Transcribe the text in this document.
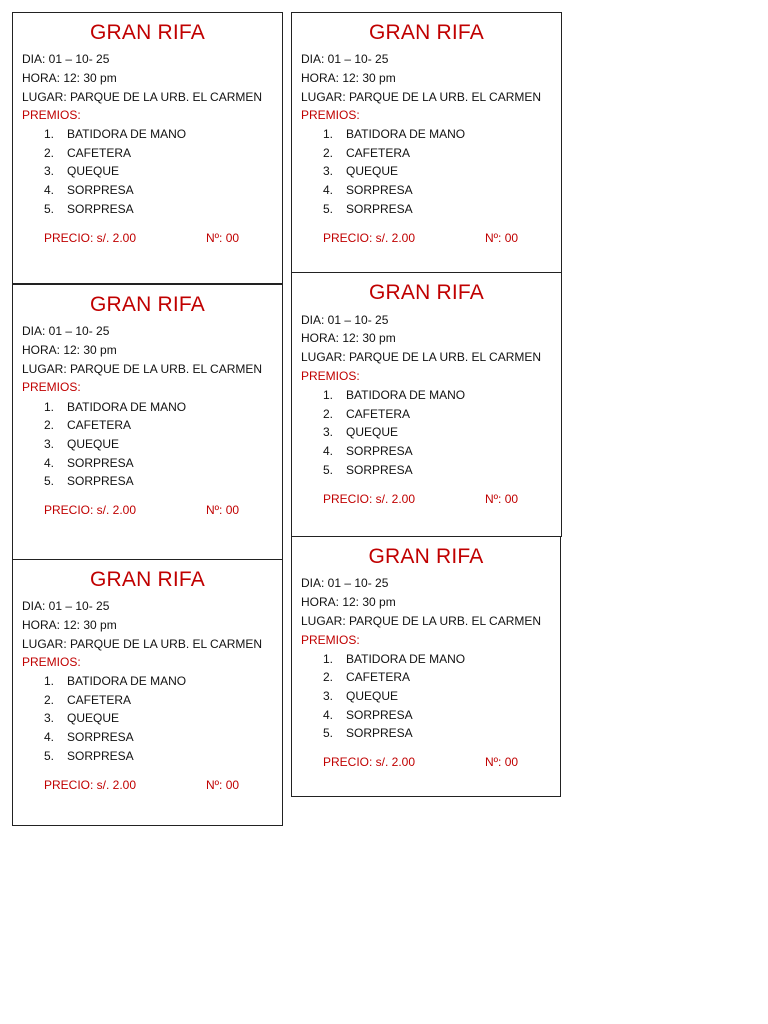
GRAN RIFA
DIA: 01 – 10- 25
HORA: 12: 30 pm
LUGAR: PARQUE DE LA URB. EL CARMEN
PREMIOS:
1. BATIDORA DE MANO
2. CAFETERA
3. QUEQUE
4. SORPRESA
5. SORPRESA
PRECIO: s/. 2.00	Nº: 00
GRAN RIFA
DIA: 01 – 10- 25
HORA: 12: 30 pm
LUGAR: PARQUE DE LA URB. EL CARMEN
PREMIOS:
1. BATIDORA DE MANO
2. CAFETERA
3. QUEQUE
4. SORPRESA
5. SORPRESA
PRECIO: s/. 2.00	Nº: 00
GRAN RIFA
DIA: 01 – 10- 25
HORA: 12: 30 pm
LUGAR: PARQUE DE LA URB. EL CARMEN
PREMIOS:
1. BATIDORA DE MANO
2. CAFETERA
3. QUEQUE
4. SORPRESA
5. SORPRESA
PRECIO: s/. 2.00	Nº: 00
GRAN RIFA
DIA: 01 – 10- 25
HORA: 12: 30 pm
LUGAR: PARQUE DE LA URB. EL CARMEN
PREMIOS:
1. BATIDORA DE MANO
2. CAFETERA
3. QUEQUE
4. SORPRESA
5. SORPRESA
PRECIO: s/. 2.00	Nº: 00
GRAN RIFA
DIA: 01 – 10- 25
HORA: 12: 30 pm
LUGAR: PARQUE DE LA URB. EL CARMEN
PREMIOS:
1. BATIDORA DE MANO
2. CAFETERA
3. QUEQUE
4. SORPRESA
5. SORPRESA
PRECIO: s/. 2.00	Nº: 00
GRAN RIFA
DIA: 01 – 10- 25
HORA: 12: 30 pm
LUGAR: PARQUE DE LA URB. EL CARMEN
PREMIOS:
1. BATIDORA DE MANO
2. CAFETERA
3. QUEQUE
4. SORPRESA
5. SORPRESA
PRECIO: s/. 2.00	Nº: 00
